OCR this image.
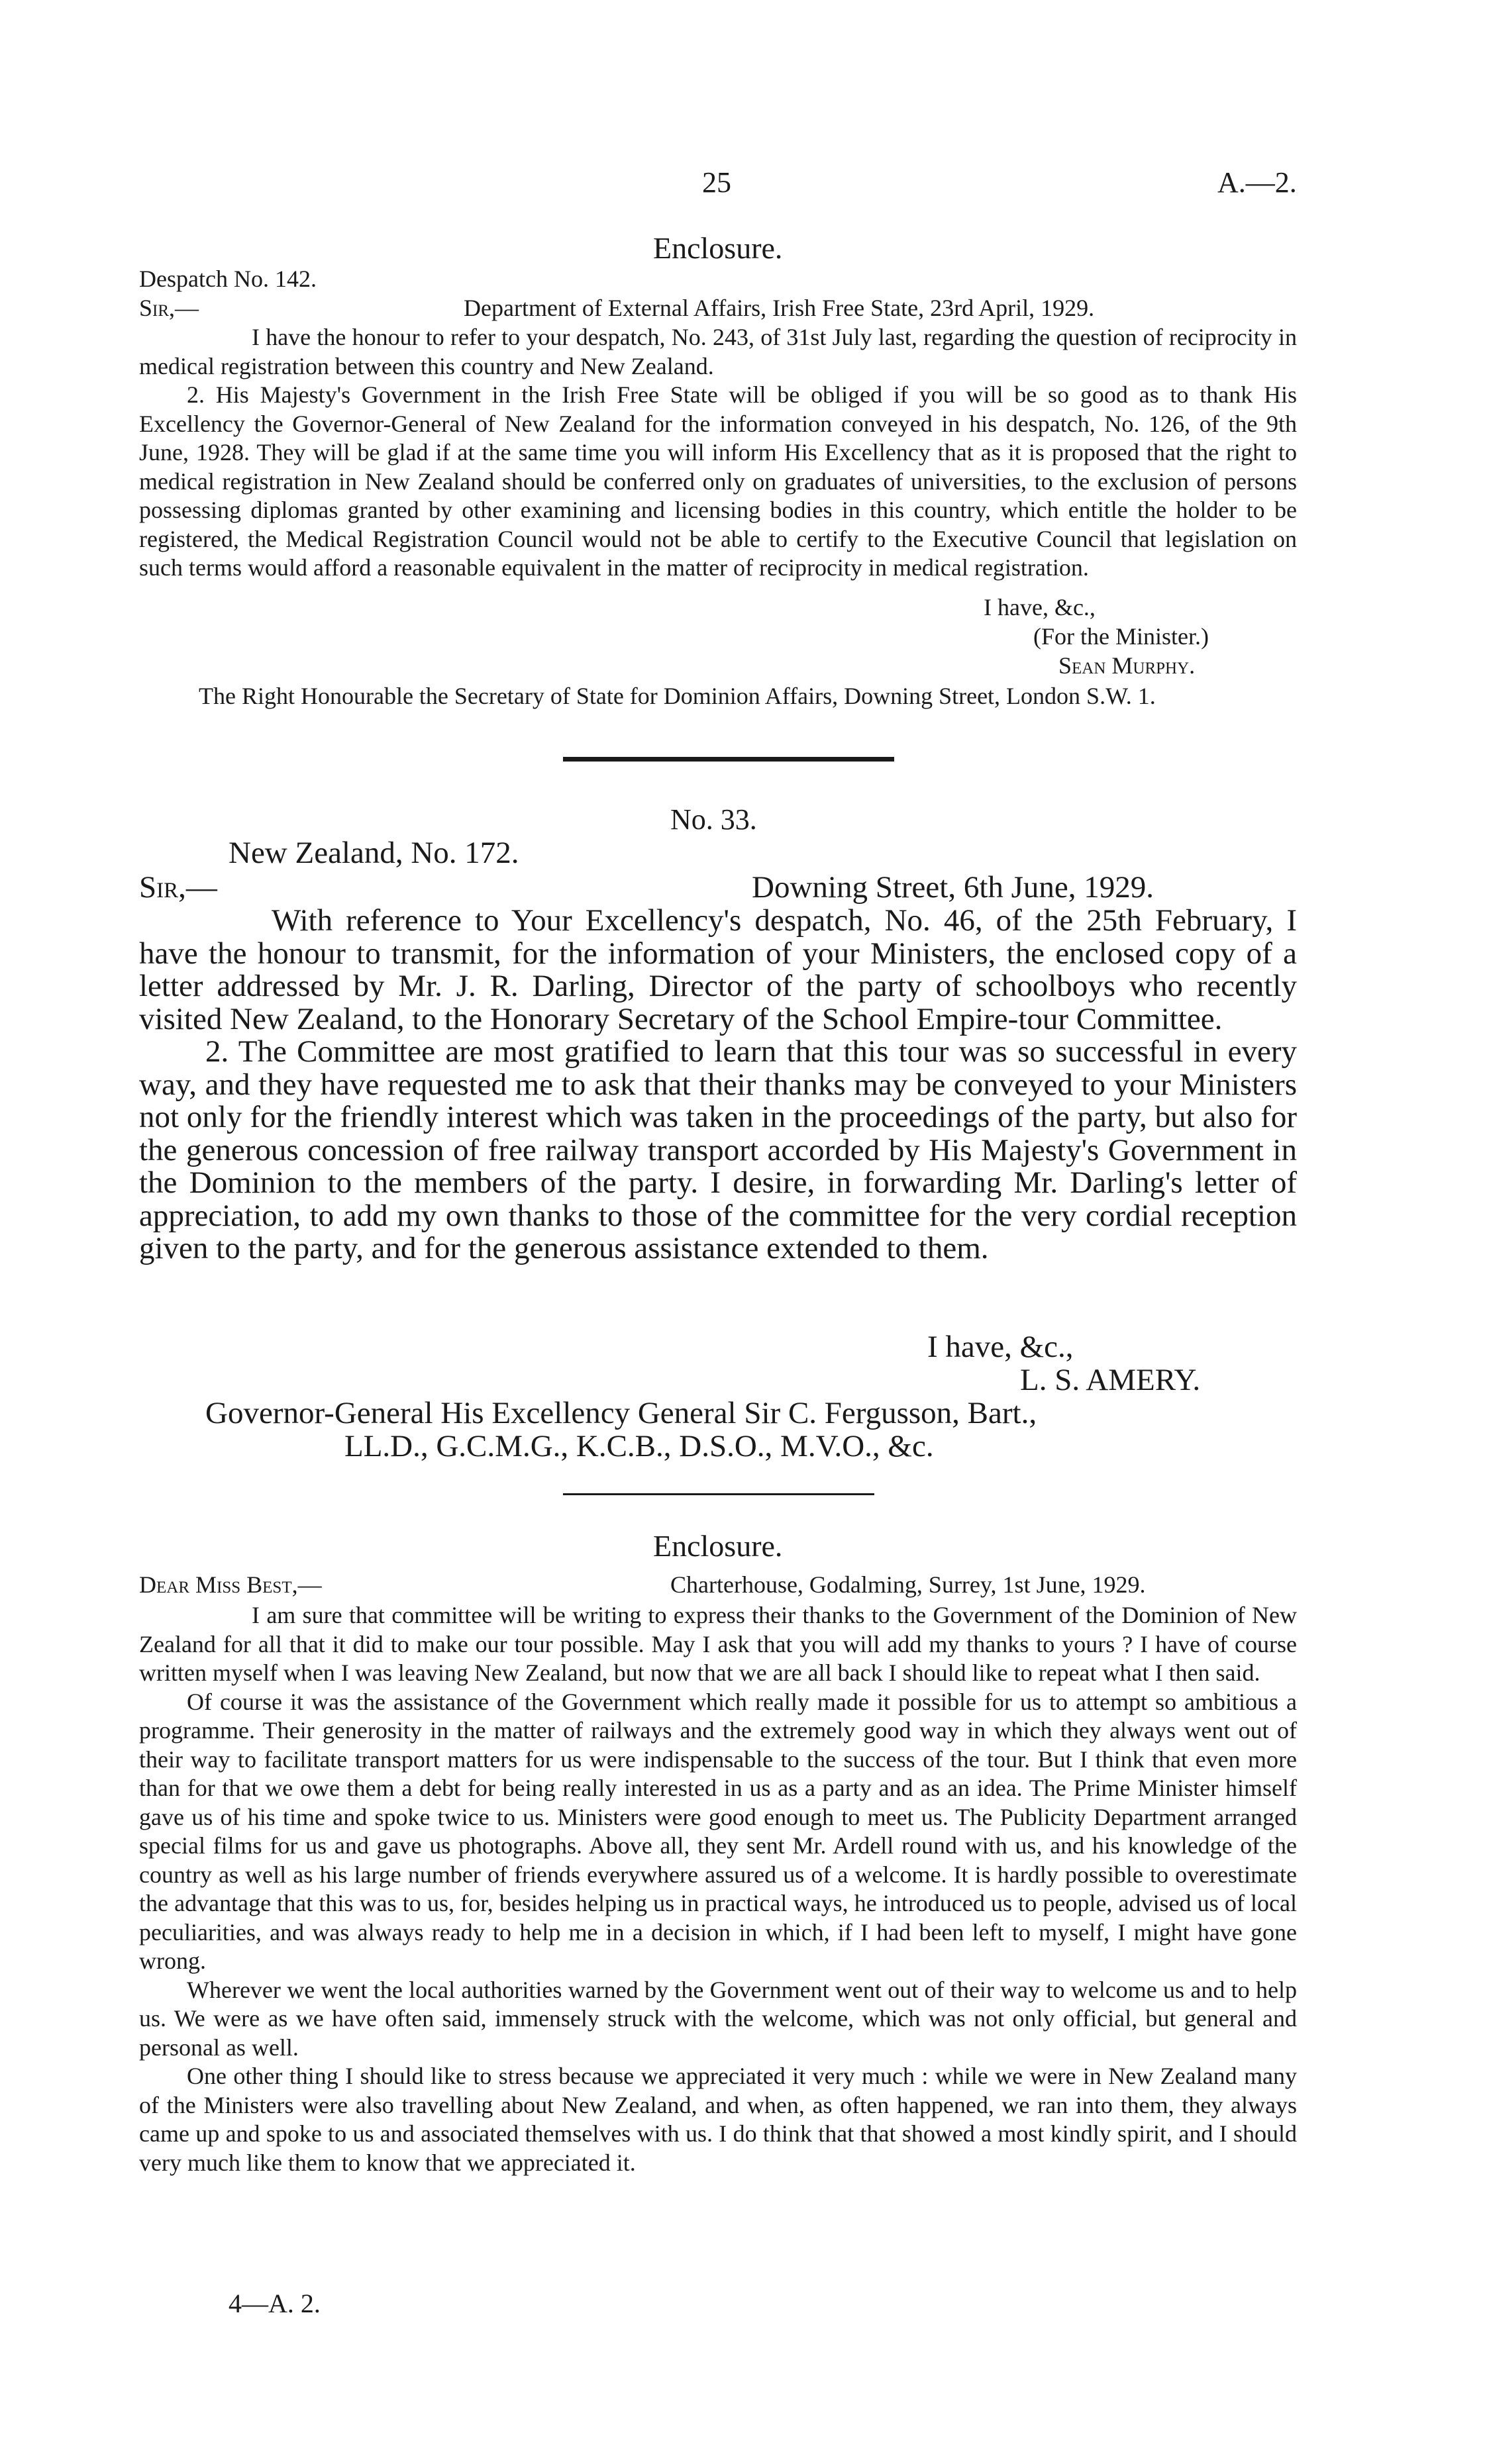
25	A.—2.
Enclosure.
Despatch No. 142.
Sir,—	Department of External Affairs, Irish Free State, 23rd April, 1929.

I have the honour to refer to your despatch, No. 243, of 31st July last, regarding the question of reciprocity in medical registration between this country and New Zealand.

2. His Majesty's Government in the Irish Free State will be obliged if you will be so good as to thank His Excellency the Governor-General of New Zealand for the information conveyed in his despatch, No. 126, of the 9th June, 1928. They will be glad if at the same time you will inform His Excellency that as it is proposed that the right to medical registration in New Zealand should be conferred only on graduates of universities, to the exclusion of persons possessing diplomas granted by other examining and licensing bodies in this country, which entitle the holder to be registered, the Medical Registration Council would not be able to certify to the Executive Council that legislation on such terms would afford a reasonable equivalent in the matter of reciprocity in medical registration.

I have, &c.,
(For the Minister.)
Sean Murphy.
The Right Honourable the Secretary of State for Dominion Affairs, Downing Street, London S.W. 1.
No. 33.
New Zealand, No. 172.
Sir,—	Downing Street, 6th June, 1929.

With reference to Your Excellency's despatch, No. 46, of the 25th February, I have the honour to transmit, for the information of your Ministers, the enclosed copy of a letter addressed by Mr. J. R. Darling, Director of the party of schoolboys who recently visited New Zealand, to the Honorary Secretary of the School Empire-tour Committee.

2. The Committee are most gratified to learn that this tour was so successful in every way, and they have requested me to ask that their thanks may be conveyed to your Ministers not only for the friendly interest which was taken in the proceedings of the party, but also for the generous concession of free railway transport accorded by His Majesty's Government in the Dominion to the members of the party. I desire, in forwarding Mr. Darling's letter of appreciation, to add my own thanks to those of the committee for the very cordial reception given to the party, and for the generous assistance extended to them.

I have, &c.,
L. S. AMERY.
Governor-General His Excellency General Sir C. Fergusson, Bart.,
LL.D., G.C.M.G., K.C.B., D.S.O., M.V.O., &c.
Enclosure.
Dear Miss Best,—	Charterhouse, Godalming, Surrey, 1st June, 1929.

I am sure that committee will be writing to express their thanks to the Government of the Dominion of New Zealand for all that it did to make our tour possible. May I ask that you will add my thanks to yours ? I have of course written myself when I was leaving New Zealand, but now that we are all back I should like to repeat what I then said.

Of course it was the assistance of the Government which really made it possible for us to attempt so ambitious a programme. Their generosity in the matter of railways and the extremely good way in which they always went out of their way to facilitate transport matters for us were indispensable to the success of the tour. But I think that even more than for that we owe them a debt for being really interested in us as a party and as an idea. The Prime Minister himself gave us of his time and spoke twice to us. Ministers were good enough to meet us. The Publicity Department arranged special films for us and gave us photographs. Above all, they sent Mr. Ardell round with us, and his knowledge of the country as well as his large number of friends everywhere assured us of a welcome. It is hardly possible to overestimate the advantage that this was to us, for, besides helping us in practical ways, he introduced us to people, advised us of local peculiarities, and was always ready to help me in a decision in which, if I had been left to myself, I might have gone wrong.

Wherever we went the local authorities warned by the Government went out of their way to welcome us and to help us. We were as we have often said, immensely struck with the welcome, which was not only official, but general and personal as well.

One other thing I should like to stress because we appreciated it very much : while we were in New Zealand many of the Ministers were also travelling about New Zealand, and when, as often happened, we ran into them, they always came up and spoke to us and associated themselves with us. I do think that that showed a most kindly spirit, and I should very much like them to know that we appreciated it.

4—A. 2.
